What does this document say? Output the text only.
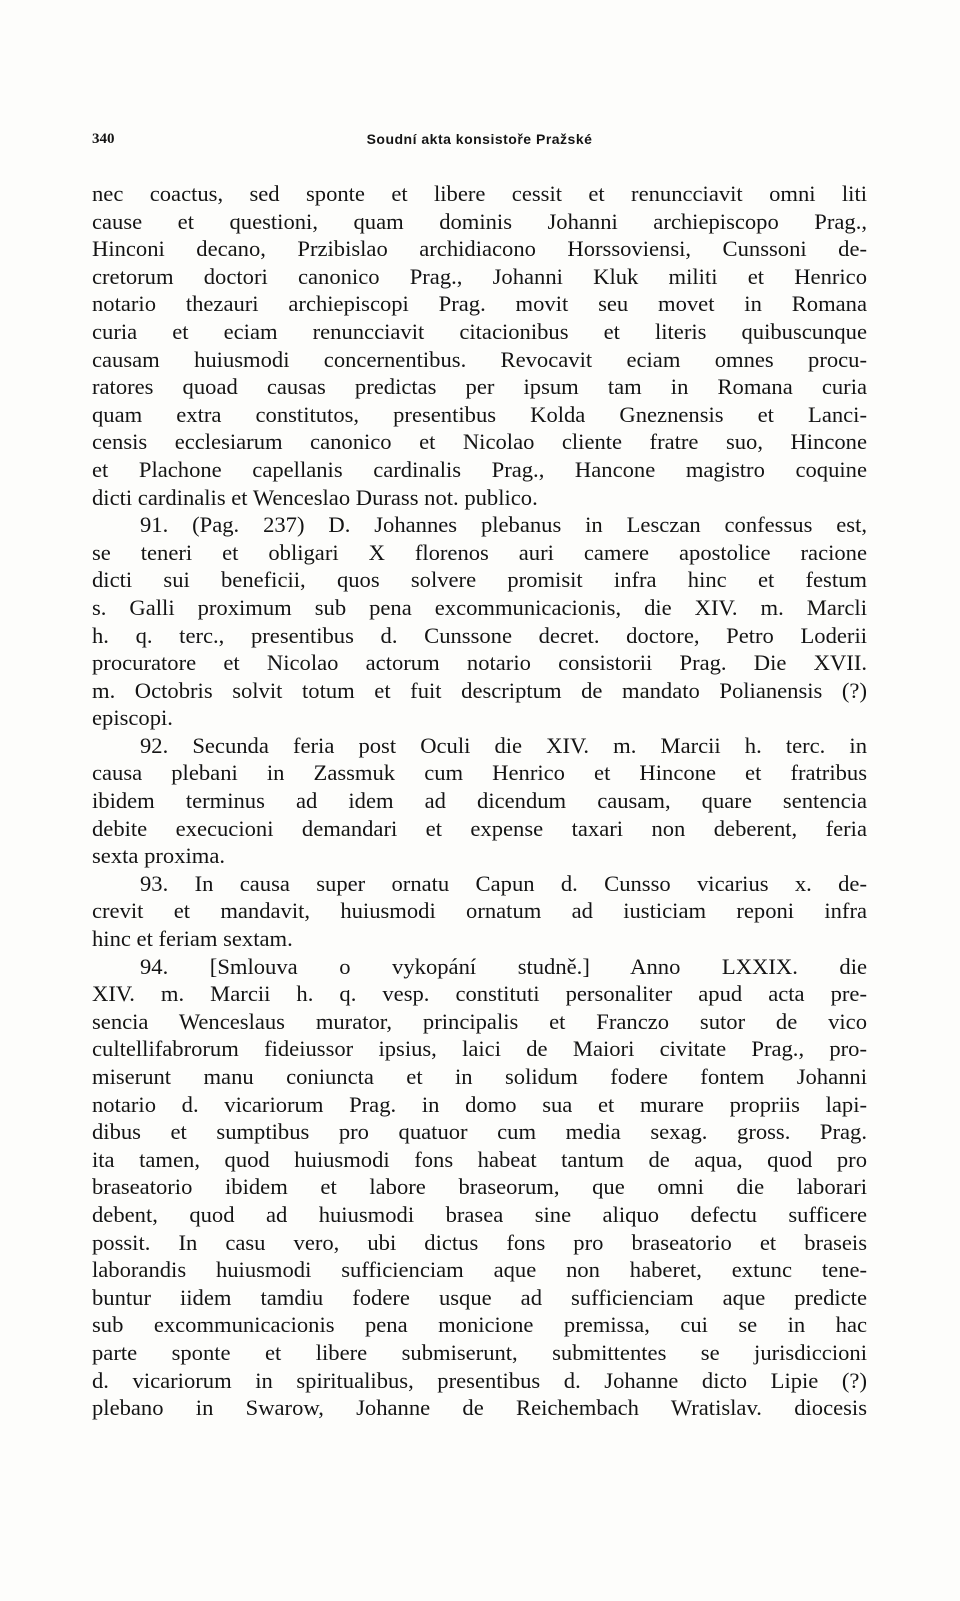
340	Soudní akta konsistoře Pražské
nec coactus, sed sponte et libere cessit et renuncciavit omni liti
cause et questioni, quam dominis Johanni archiepiscopo Prag.,
Hinconi decano, Przibislao archidiacono Horssoviensi, Cunssoni de-
cretorum doctori canonico Prag., Johanni Kluk militi et Henrico
notario thezauri archiepiscopi Prag. movit seu movet in Romana
curia et eciam renuncciavit citacionibus et literis quibuscunque
causam huiusmodi concernentibus. Revocavit eciam omnes procu-
ratores quoad causas predictas per ipsum tam in Romana curia
quam extra constitutos, presentibus Kolda Gneznensis et Lanci-
censis ecclesiarum canonico et Nicolao cliente fratre suo, Hincone
et Plachone capellanis cardinalis Prag., Hancone magistro coquine
dicti cardinalis et Wenceslao Durass not. publico.
91. (Pag. 237) D. Johannes plebanus in Lesczan confessus est,
se teneri et obligari X florenos auri camere apostolice racione
dicti sui beneficii, quos solvere promisit infra hinc et festum
s. Galli proximum sub pena excommunicacionis, die XIV. m. Marcli
h. q. terc., presentibus d. Cunssone decret. doctore, Petro Loderii
procuratore et Nicolao actorum notario consistorii Prag. Die XVII.
m. Octobris solvit totum et fuit descriptum de mandato Polianensis (?)
episcopi.
92. Secunda feria post Oculi die XIV. m. Marcii h. terc. in
causa plebani in Zassmuk cum Henrico et Hincone et fratribus
ibidem terminus ad idem ad dicendum causam, quare sentencia
debite execucioni demandari et expense taxari non deberent, feria
sexta proxima.
93. In causa super ornatu Capun d. Cunsso vicarius x. de-
crevit et mandavit, huiusmodi ornatum ad iusticiam reponi infra
hinc et feriam sextam.
94. [Smlouva o vykopání studně.] Anno LXXIX. die
XIV. m. Marcii h. q. vesp. constituti personaliter apud acta pre-
sencia Wenceslaus murator, principalis et Franczo sutor de vico
cultellifabrorum fideiussor ipsius, laici de Maiori civitate Prag., pro-
miserunt manu coniuncta et in solidum fodere fontem Johanni
notario d. vicariorum Prag. in domo sua et murare propriis lapi-
dibus et sumptibus pro quatuor cum media sexag. gross. Prag.
ita tamen, quod huiusmodi fons habeat tantum de aqua, quod pro
braseatorio ibidem et labore braseorum, que omni die laborari
debent, quod ad huiusmodi brasea sine aliquo defectu sufficere
possit. In casu vero, ubi dictus fons pro braseatorio et braseis
laborandis huiusmodi sufficienciam aque non haberet, extunc tene-
buntur iidem tamdiu fodere usque ad sufficienciam aque predicte
sub excommunicacionis pena monicione premissa, cui se in hac
parte sponte et libere submiserunt, submittentes se jurisdiccioni
d. vicariorum in spiritualibus, presentibus d. Johanne dicto Lipie (?)
plebano in Swarow, Johanne de Reichembach Wratislav. diocesis
